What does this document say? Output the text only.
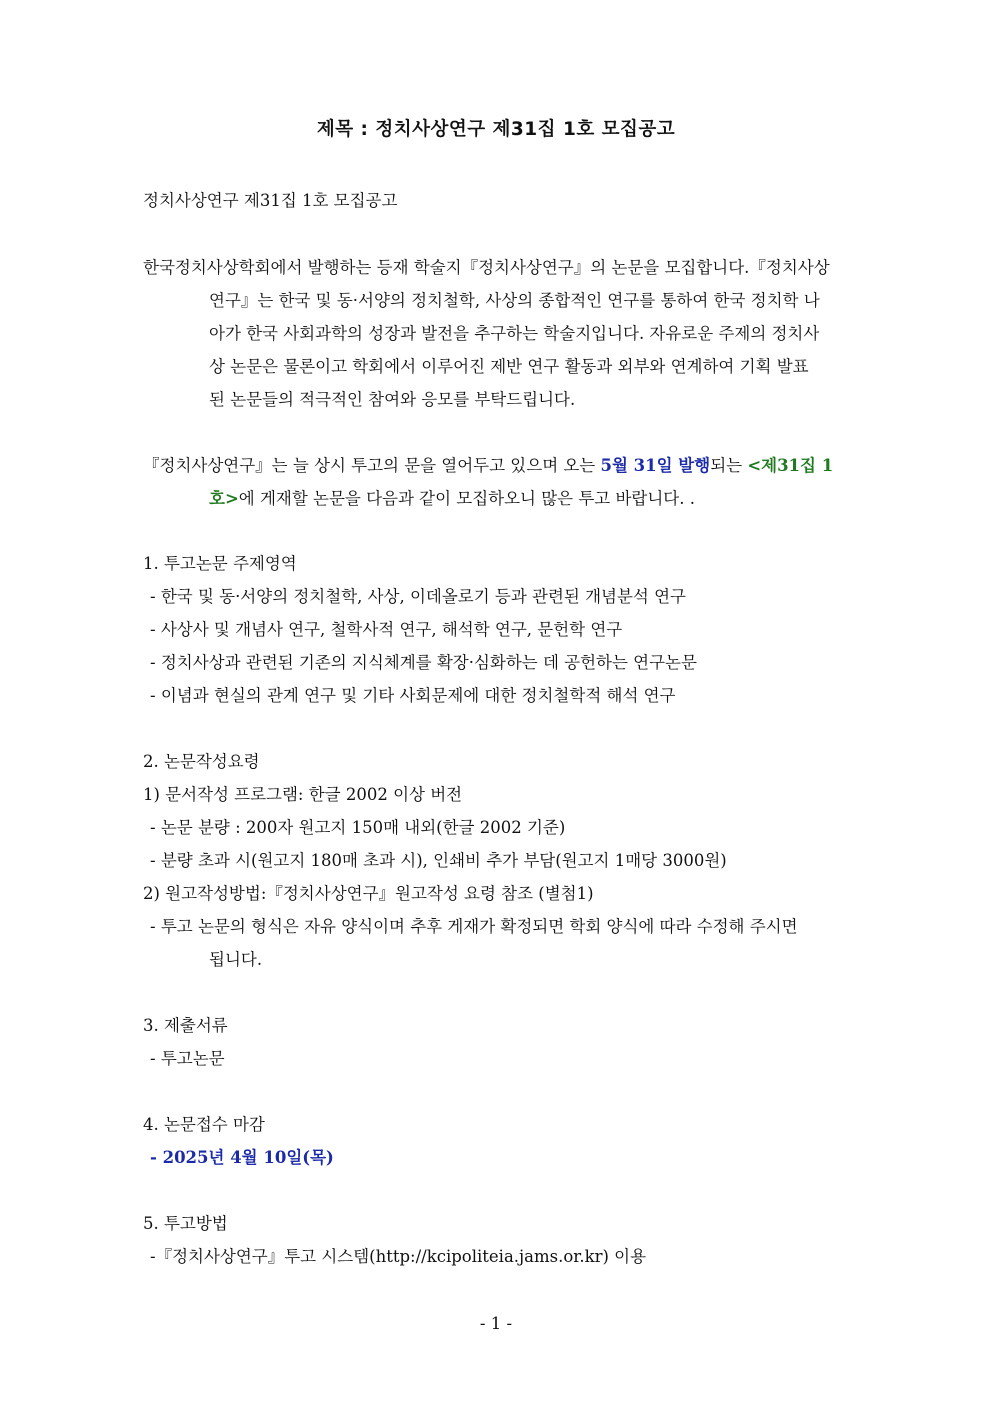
제목 : 정치사상연구 제31집 1호 모집공고
정치사상연구 제31집 1호 모집공고
한국정치사상학회에서 발행하는 등재 학술지『정치사상연구』의 논문을 모집합니다.『정치사상
연구』는 한국 및 동·서양의 정치철학, 사상의 종합적인 연구를 통하여 한국 정치학 나
아가 한국 사회과학의 성장과 발전을 추구하는 학술지입니다. 자유로운 주제의 정치사
상 논문은 물론이고 학회에서 이루어진 제반 연구 활동과 외부와 연계하여 기획 발표
된 논문들의 적극적인 참여와 응모를 부탁드립니다.
『정치사상연구』는 늘 상시 투고의 문을 열어두고 있으며 오는 5월 31일 발행되는 <제31집 1
호>에 게재할 논문을 다음과 같이 모집하오니 많은 투고 바랍니다. .
1. 투고논문 주제영역
- 한국 및 동·서양의 정치철학, 사상, 이데올로기 등과 관련된 개념분석 연구
- 사상사 및 개념사 연구, 철학사적 연구, 해석학 연구, 문헌학 연구
- 정치사상과 관련된 기존의 지식체계를 확장·심화하는 데 공헌하는 연구논문
- 이념과 현실의 관계 연구 및 기타 사회문제에 대한 정치철학적 해석 연구
2. 논문작성요령
1) 문서작성 프로그램: 한글 2002 이상 버전
- 논문 분량 : 200자 원고지 150매 내외(한글 2002 기준)
- 분량 초과 시(원고지 180매 초과 시), 인쇄비 추가 부담(원고지 1매당 3000원)
2) 원고작성방법:『정치사상연구』원고작성 요령 참조 (별첨1)
- 투고 논문의 형식은 자유 양식이며 추후 게재가 확정되면 학회 양식에 따라 수정해 주시면
됩니다.
3. 제출서류
- 투고논문
4. 논문접수 마감
- 2025년 4월 10일(목)
5. 투고방법
-『정치사상연구』투고 시스템(http://kcipoliteia.jams.or.kr) 이용
- 1 -
